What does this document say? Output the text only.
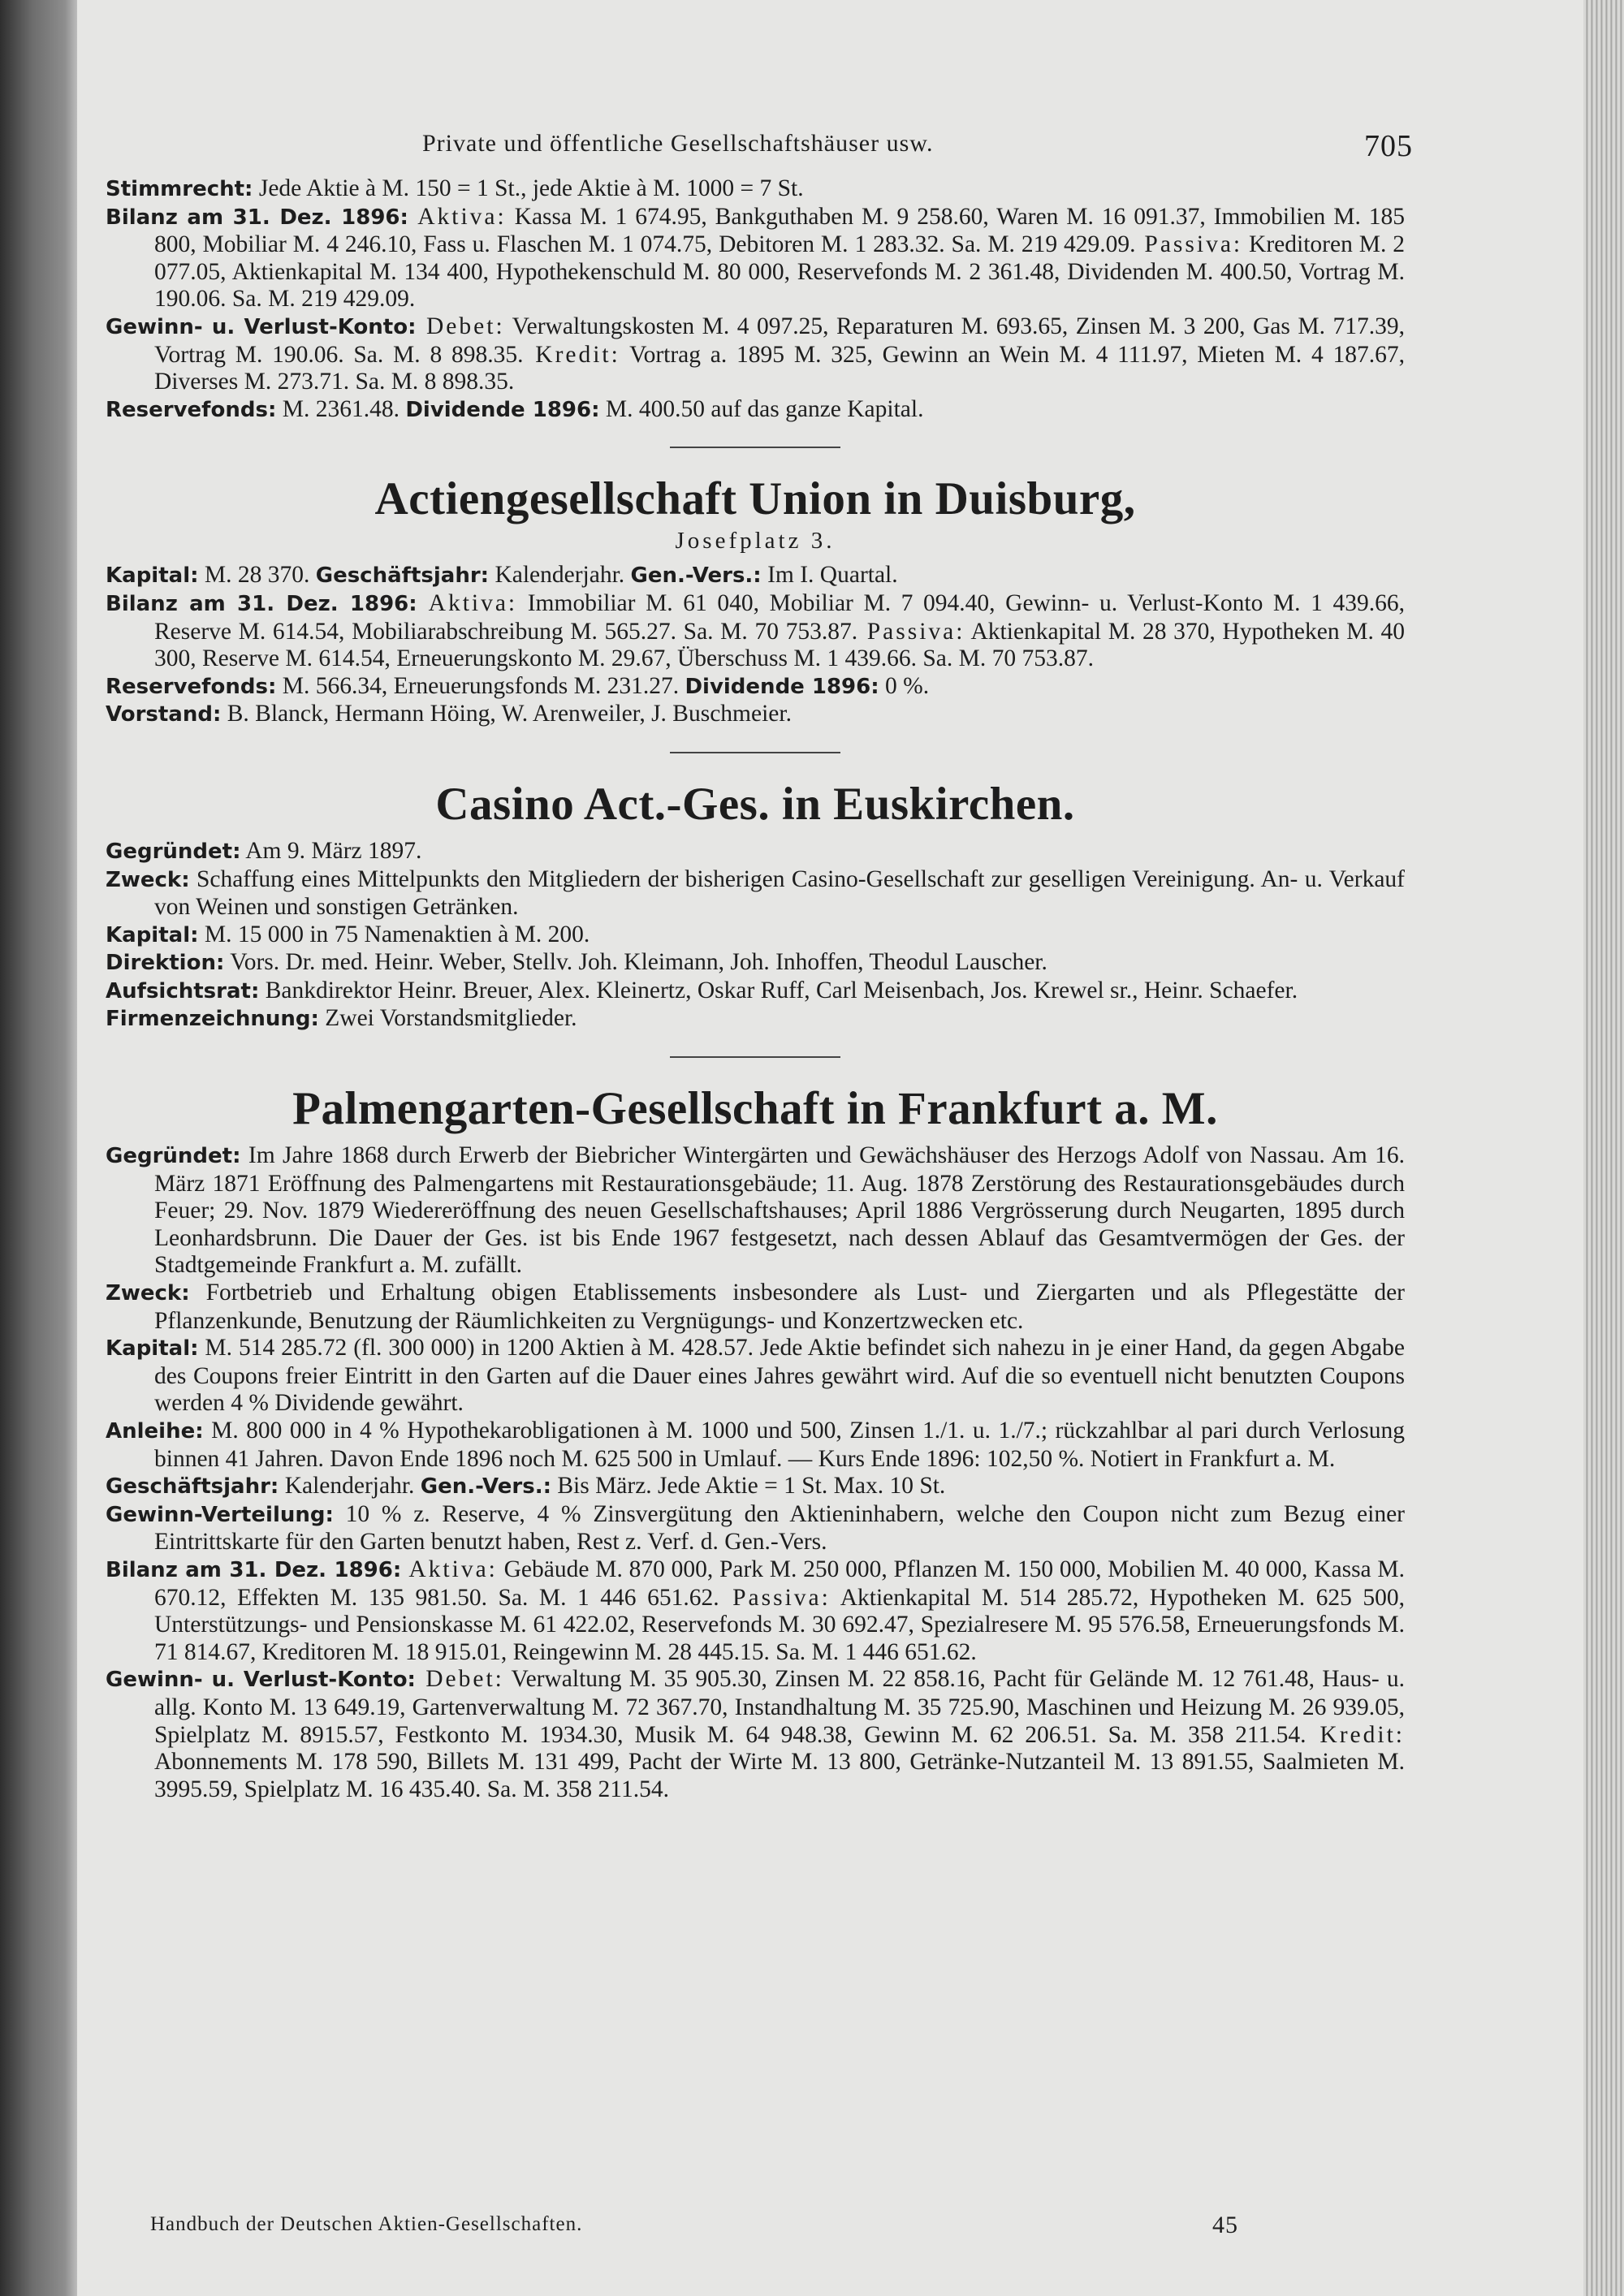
Private und öffentliche Gesellschaftshäuser usw.	705

Stimmrecht: Jede Aktie à M. 150 = 1 St., jede Aktie à M. 1000 = 7 St.

Bilanz am 31. Dez. 1896: Aktiva: Kassa M. 1 674.95, Bankguthaben M. 9 258.60, Waren M. 16 091.37, Immobilien M. 185 800, Mobiliar M. 4 246.10, Fass u. Flaschen M. 1 074.75, Debitoren M. 1 283.32. Sa. M. 219 429.09. Passiva: Kreditoren M. 2 077.05, Aktienkapital M. 134 400, Hypothekenschuld M. 80 000, Reservefonds M. 2 361.48, Dividenden M. 400.50, Vortrag M. 190.06. Sa. M. 219 429.09.

Gewinn- u. Verlust-Konto: Debet: Verwaltungskosten M. 4 097.25, Reparaturen M. 693.65, Zinsen M. 3 200, Gas M. 717.39, Vortrag M. 190.06. Sa. M. 8 898.35. Kredit: Vortrag a. 1895 M. 325, Gewinn an Wein M. 4 111.97, Mieten M. 4 187.67, Diverses M. 273.71. Sa. M. 8 898.35.

Reservefonds: M. 2361.48. Dividende 1896: M. 400.50 auf das ganze Kapital.

Actiengesellschaft Union in Duisburg,
Josefplatz 3.

Kapital: M. 28 370. Geschäftsjahr: Kalenderjahr. Gen.-Vers.: Im I. Quartal.

Bilanz am 31. Dez. 1896: Aktiva: Immobiliar M. 61 040, Mobiliar M. 7 094.40, Gewinn- u. Verlust-Konto M. 1 439.66, Reserve M. 614.54, Mobiliarabschreibung M. 565.27. Sa. M. 70 753.87. Passiva: Aktienkapital M. 28 370, Hypotheken M. 40 300, Reserve M. 614.54, Erneuerungskonto M. 29.67, Überschuss M. 1 439.66. Sa. M. 70 753.87.

Reservefonds: M. 566.34, Erneuerungsfonds M. 231.27. Dividende 1896: 0 %.

Vorstand: B. Blanck, Hermann Höing, W. Arenweiler, J. Buschmeier.

Casino Act.-Ges. in Euskirchen.

Gegründet: Am 9. März 1897.

Zweck: Schaffung eines Mittelpunkts den Mitgliedern der bisherigen Casino-Gesellschaft zur geselligen Vereinigung. An- u. Verkauf von Weinen und sonstigen Getränken.

Kapital: M. 15 000 in 75 Namenaktien à M. 200.

Direktion: Vors. Dr. med. Heinr. Weber, Stellv. Joh. Kleimann, Joh. Inhoffen, Theodul Lauscher.

Aufsichtsrat: Bankdirektor Heinr. Breuer, Alex. Kleinertz, Oskar Ruff, Carl Meisenbach, Jos. Krewel sr., Heinr. Schaefer.

Firmenzeichnung: Zwei Vorstandsmitglieder.

Palmengarten-Gesellschaft in Frankfurt a. M.

Gegründet: Im Jahre 1868 durch Erwerb der Biebricher Wintergärten und Gewächshäuser des Herzogs Adolf von Nassau. Am 16. März 1871 Eröffnung des Palmengartens mit Restaurationsgebäude; 11. Aug. 1878 Zerstörung des Restaurationsgebäudes durch Feuer; 29. Nov. 1879 Wiedereröffnung des neuen Gesellschaftshauses; April 1886 Vergrösserung durch Neugarten, 1895 durch Leonhardsbrunn. Die Dauer der Ges. ist bis Ende 1967 festgesetzt, nach dessen Ablauf das Gesamtvermögen der Ges. der Stadtgemeinde Frankfurt a. M. zufällt.

Zweck: Fortbetrieb und Erhaltung obigen Etablissements insbesondere als Lust- und Ziergarten und als Pflegestätte der Pflanzenkunde, Benutzung der Räumlichkeiten zu Vergnügungs- und Konzertzwecken etc.

Kapital: M. 514 285.72 (fl. 300 000) in 1200 Aktien à M. 428.57. Jede Aktie befindet sich nahezu in je einer Hand, da gegen Abgabe des Coupons freier Eintritt in den Garten auf die Dauer eines Jahres gewährt wird. Auf die so eventuell nicht benutzten Coupons werden 4 % Dividende gewährt.

Anleihe: M. 800 000 in 4 % Hypothekarobligationen à M. 1000 und 500, Zinsen 1./1. u. 1./7.; rückzahlbar al pari durch Verlosung binnen 41 Jahren. Davon Ende 1896 noch M. 625 500 in Umlauf. — Kurs Ende 1896: 102,50 %. Notiert in Frankfurt a. M.

Geschäftsjahr: Kalenderjahr. Gen.-Vers.: Bis März. Jede Aktie = 1 St. Max. 10 St.

Gewinn-Verteilung: 10 % z. Reserve, 4 % Zinsvergütung den Aktieninhabern, welche den Coupon nicht zum Bezug einer Eintrittskarte für den Garten benutzt haben, Rest z. Verf. d. Gen.-Vers.

Bilanz am 31. Dez. 1896: Aktiva: Gebäude M. 870 000, Park M. 250 000, Pflanzen M. 150 000, Mobilien M. 40 000, Kassa M. 670.12, Effekten M. 135 981.50. Sa. M. 1 446 651.62. Passiva: Aktienkapital M. 514 285.72, Hypotheken M. 625 500, Unterstützungs- und Pensionskasse M. 61 422.02, Reservefonds M. 30 692.47, Spezialresere M. 95 576.58, Erneuerungsfonds M. 71 814.67, Kreditoren M. 18 915.01, Reingewinn M. 28 445.15. Sa. M. 1 446 651.62.

Gewinn- u. Verlust-Konto: Debet: Verwaltung M. 35 905.30, Zinsen M. 22 858.16, Pacht für Gelände M. 12 761.48, Haus- u. allg. Konto M. 13 649.19, Gartenverwaltung M. 72 367.70, Instandhaltung M. 35 725.90, Maschinen und Heizung M. 26 939.05, Spielplatz M. 8915.57, Festkonto M. 1934.30, Musik M. 64 948.38, Gewinn M. 62 206.51. Sa. M. 358 211.54. Kredit: Abonnements M. 178 590, Billets M. 131 499, Pacht der Wirte M. 13 800, Getränke-Nutzanteil M. 13 891.55, Saalmieten M. 3995.59, Spielplatz M. 16 435.40. Sa. M. 358 211.54.

Handbuch der Deutschen Aktien-Gesellschaften.	45
